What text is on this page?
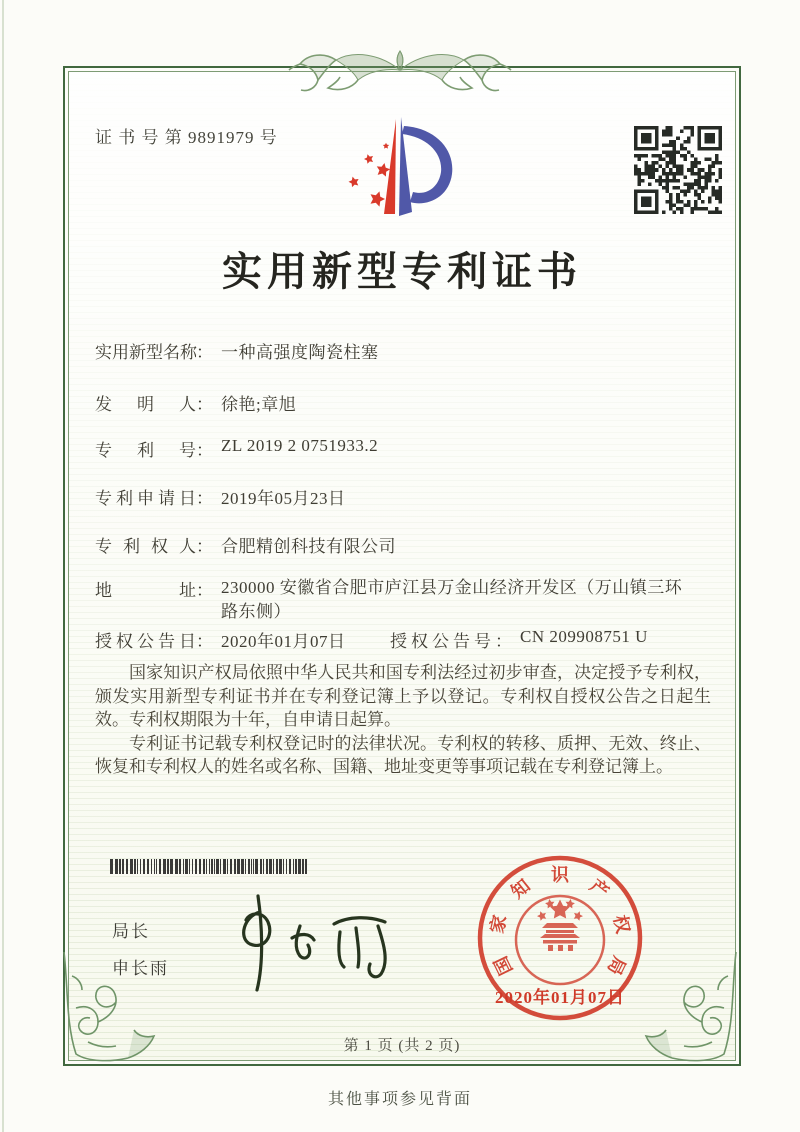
证 书 号 第 9891979 号
实用新型专利证书
实用新型名称： 一种高强度陶瓷柱塞
发明人： 徐艳;章旭
专利号： ZL 2019 2 0751933.2
专利申请日： 2019年05月23日
专利权人： 合肥精创科技有限公司
地址： 230000 安徽省合肥市庐江县万金山经济开发区（万山镇三环路东侧）
授权公告日： 2020年01月07日	授权公告号： CN 209908751 U

国家知识产权局依照中华人民共和国专利法经过初步审查，决定授予专利权，颁发实用新型专利证书并在专利登记簿上予以登记。专利权自授权公告之日起生效。专利权期限为十年，自申请日起算。

专利证书记载专利权登记时的法律状况。专利权的转移、质押、无效、终止、恢复和专利权人的姓名或名称、国籍、地址变更等事项记载在专利登记簿上。

局长
申长雨	国
家
知
识
产
权
局
2020年01月07日
第 1 页 (共 2 页)
其他事项参见背面
